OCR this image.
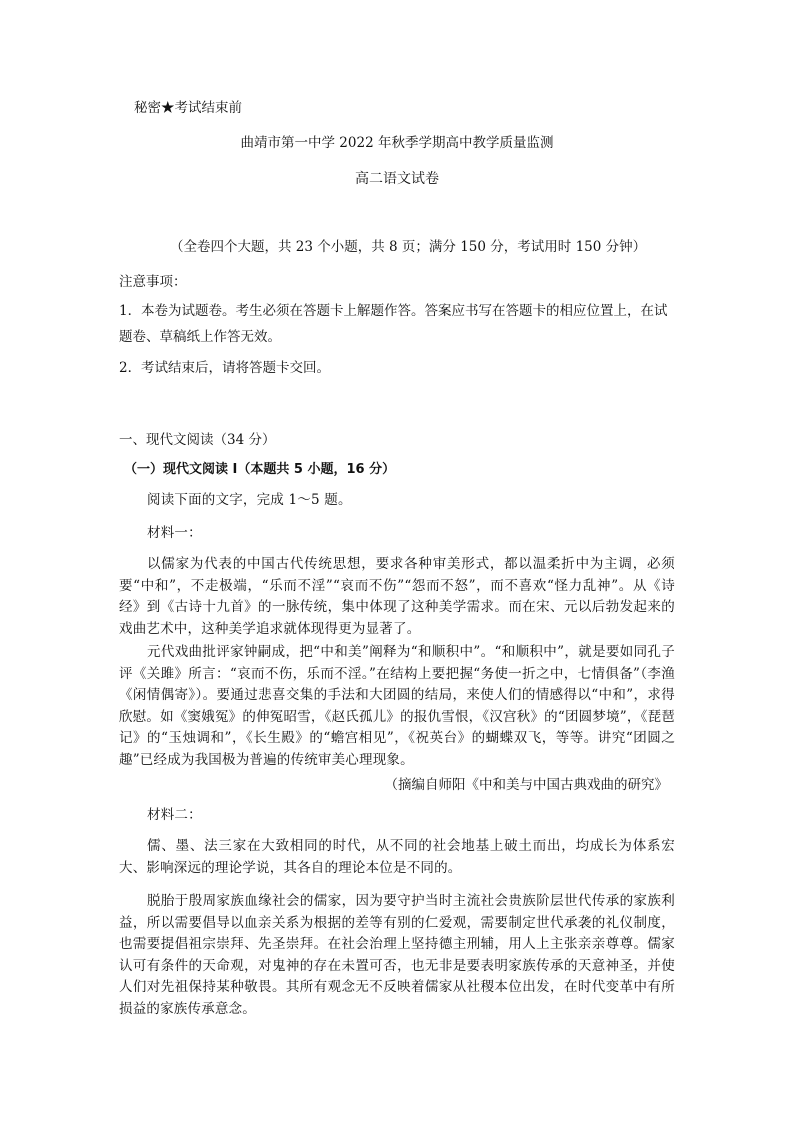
秘密★考试结束前
曲靖市第一中学 2022 年秋季学期高中教学质量监测
高二语文试卷
（全卷四个大题，共 23 个小题，共 8 页；满分 150 分，考试用时 150 分钟）
注意事项：
1．本卷为试题卷。考生必须在答题卡上解题作答。答案应书写在答题卡的相应位置上，在试题卷、草稿纸上作答无效。
2．考试结束后，请将答题卡交回。
一、现代文阅读（34 分）
（一）现代文阅读 I（本题共 5 小题，16 分）
阅读下面的文字，完成 1～5 题。
材料一：
以儒家为代表的中国古代传统思想，要求各种审美形式，都以温柔折中为主调，必须要“中和”，不走极端，“乐而不淫”“哀而不伤”“怨而不怒”，而不喜欢“怪力乱神”。从《诗经》到《古诗十九首》的一脉传统，集中体现了这种美学需求。而在宋、元以后勃发起来的戏曲艺术中，这种美学追求就体现得更为显著了。
元代戏曲批评家钟嗣成，把“中和美”阐释为“和顺积中”。“和顺积中”，就是要如同孔子评《关雎》所言：“哀而不伤，乐而不淫。”在结构上要把握“务使一折之中，七情俱备”（李渔《闲情偶寄》）。要通过悲喜交集的手法和大团圆的结局，来使人们的情感得以“中和”，求得欣慰。如《窦娥冤》的伸冤昭雪，《赵氏孤儿》的报仇雪恨，《汉宫秋》的“团圆梦境”，《琵琶记》的“玉烛调和”，《长生殿》的“蟾宫相见”，《祝英台》的蝴蝶双飞，等等。讲究“团圆之趣”已经成为我国极为普遍的传统审美心理现象。
（摘编自师阳《中和美与中国古典戏曲的研究》
材料二：
儒、墨、法三家在大致相同的时代，从不同的社会地基上破土而出，均成长为体系宏大、影响深远的理论学说，其各自的理论本位是不同的。
脱胎于殷周家族血缘社会的儒家，因为要守护当时主流社会贵族阶层世代传承的家族利益，所以需要倡导以血亲关系为根据的差等有别的仁爱观，需要制定世代承袭的礼仪制度，也需要提倡祖宗崇拜、先圣崇拜。在社会治理上坚持德主刑辅，用人上主张亲亲尊尊。儒家认可有条件的天命观，对鬼神的存在未置可否，也无非是要表明家族传承的天意神圣，并使人们对先祖保持某种敬畏。其所有观念无不反映着儒家从社稷本位出发，在时代变革中有所损益的家族传承意念。
